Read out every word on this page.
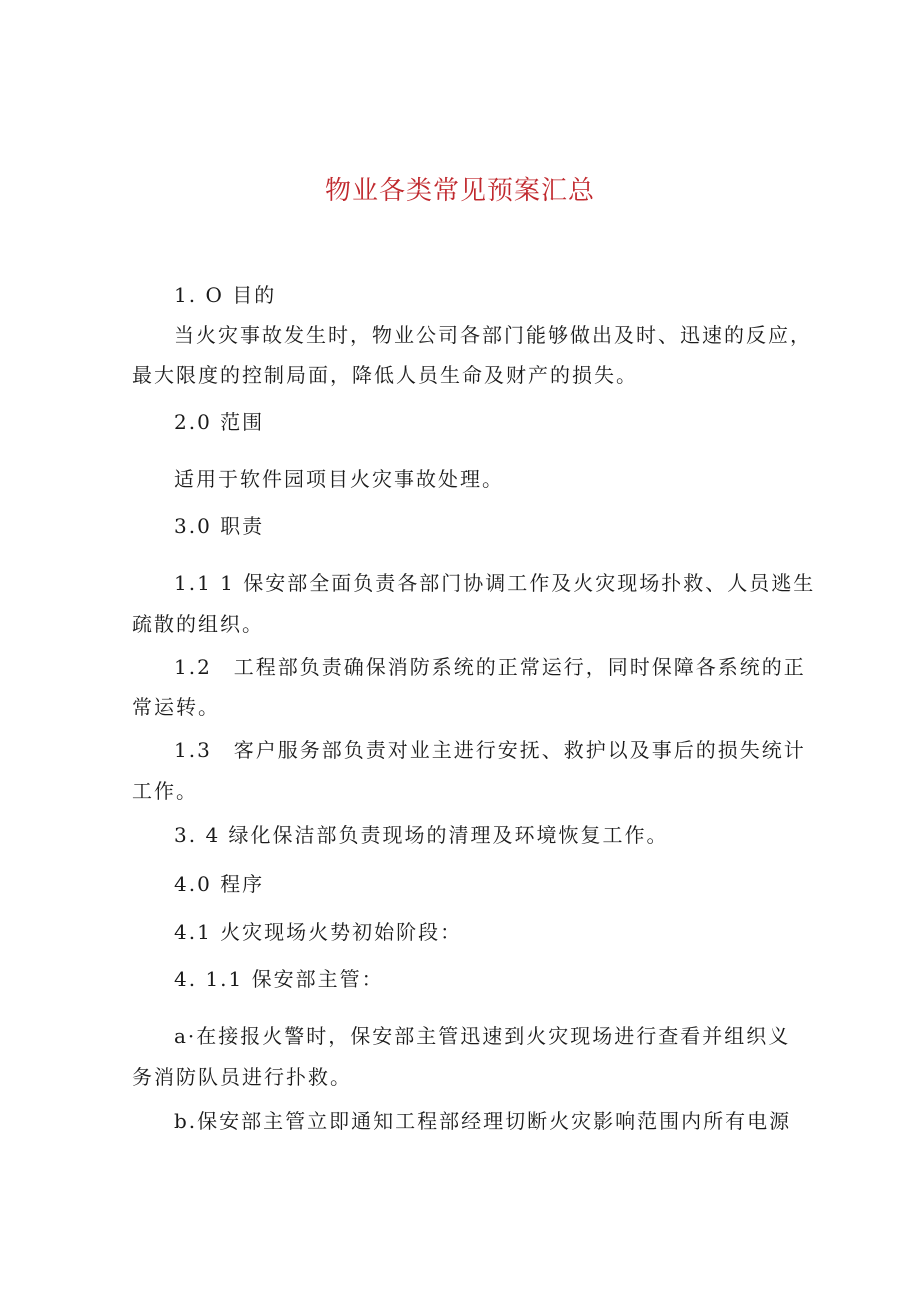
物业各类常见预案汇总
1. O 目的
当火灾事故发生时，物业公司各部门能够做出及时、迅速的反应，
最大限度的控制局面，降低人员生命及财产的损失。
2.0 范围
适用于软件园项目火灾事故处理。
3.0 职责
1.1 1 保安部全面负责各部门协调工作及火灾现场扑救、人员逃生
疏散的组织。
1.2　工程部负责确保消防系统的正常运行，同时保障各系统的正
常运转。
1.3　客户服务部负责对业主进行安抚、救护以及事后的损失统计
工作。
3. 4 绿化保洁部负责现场的清理及环境恢复工作。
4.0 程序
4.1 火灾现场火势初始阶段：
4. 1.1 保安部主管：
a·在接报火警时，保安部主管迅速到火灾现场进行查看并组织义
务消防队员进行扑救。
b.保安部主管立即通知工程部经理切断火灾影响范围内所有电源
